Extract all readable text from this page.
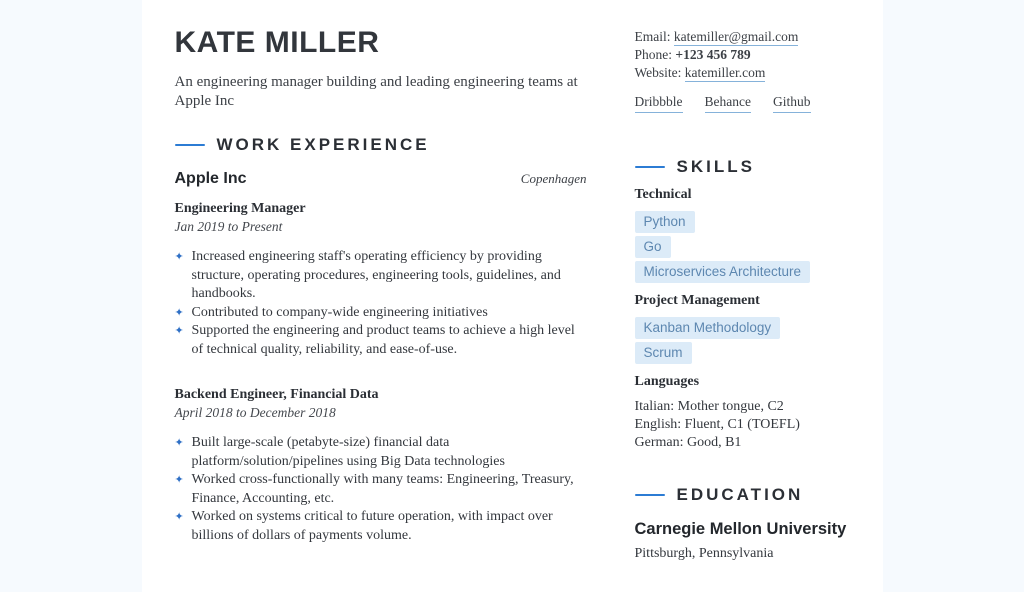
KATE MILLER
An engineering manager building and leading engineering teams at Apple Inc
WORK EXPERIENCE
Apple Inc	Copenhagen
Engineering Manager
Jan 2019 to Present
✦ Increased engineering staff's operating efficiency by providing structure, operating procedures, engineering tools, guidelines, and handbooks.
✦ Contributed to company-wide engineering initiatives
✦ Supported the engineering and product teams to achieve a high level of technical quality, reliability, and ease-of-use.
Backend Engineer, Financial Data
April 2018 to December 2018
✦ Built large-scale (petabyte-size) financial data platform/solution/pipelines using Big Data technologies
✦ Worked cross-functionally with many teams: Engineering, Treasury, Finance, Accounting, etc.
✦ Worked on systems critical to future operation, with impact over billions of dollars of payments volume.
Email: katemiller@gmail.com
Phone: +123 456 789
Website: katemiller.com
Dribbble Behance Github
SKILLS
Technical
Python
Go
Microservices Architecture
Project Management
Kanban Methodology
Scrum
Languages
Italian: Mother tongue, C2
English: Fluent, C1 (TOEFL)
German: Good, B1
EDUCATION
Carnegie Mellon University
Pittsburgh, Pennsylvania
